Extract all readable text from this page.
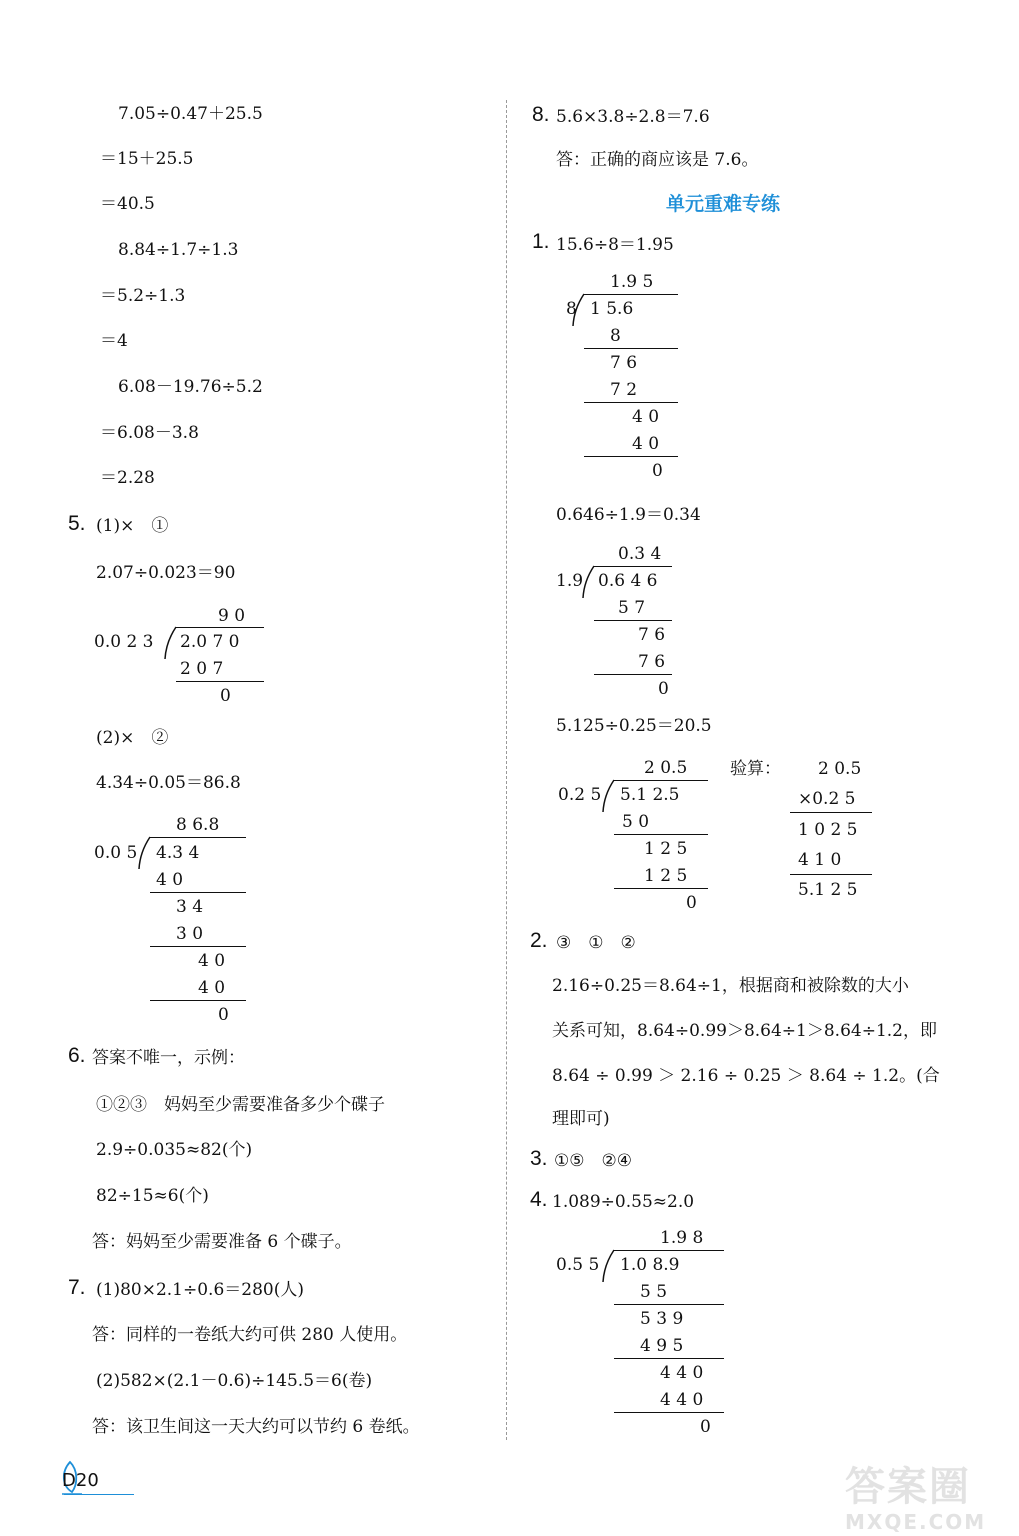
7.05÷0.47＋25.5
＝15＋25.5
＝40.5
8.84÷1.7÷1.3
＝5.2÷1.3
＝4
6.08－19.76÷5.2
＝6.08－3.8
＝2.28
5. (1)×　①
2.07÷0.023＝90
9 0
0.0 2 3 2.0 7 0
2 0 7
0
(2)×　②
4.34÷0.05＝86.8
8 6.8
0.0 5 4.3 4
4 0
3 4
3 0
4 0
4 0
0
6. 答案不唯一，示例：
①②③　妈妈至少需要准备多少个碟子
2.9÷0.035≈82(个)
82÷15≈6(个)
答：妈妈至少需要准备 6 个碟子。
7. (1)80×2.1÷0.6＝280(人)
答：同样的一卷纸大约可供 280 人使用。
(2)582×(2.1－0.6)÷145.5＝6(卷)
答：该卫生间这一天大约可以节约 6 卷纸。
8. 5.6×3.8÷2.8＝7.6
答：正确的商应该是 7.6。
单元重难专练
1. 15.6÷8＝1.95
1.9 5
8 1 5.6
8
7 6
7 2
4 0
4 0
0
0.646÷1.9＝0.34
0.3 4
1.9 0.6 4 6
5 7
7 6
7 6
0
5.125÷0.25＝20.5
2 0.5
0.2 5 5.1 2.5
5 0
1 2 5
1 2 5
0
验算： 2 0.5
×0.2 5
1 0 2 5
4 1 0
5.1 2 5
2. ③　①　②
2.16÷0.25＝8.64÷1，根据商和被除数的大小
关系可知，8.64÷0.99＞8.64÷1＞8.64÷1.2，即
8.64 ÷ 0.99 ＞ 2.16 ÷ 0.25 ＞ 8.64 ÷ 1.2。(合
理即可)
3. ①⑤　②④
4. 1.089÷0.55≈2.0
1.9 8
0.5 5 1.0 8.9
5 5
5 3 9
4 9 5
4 4 0
4 4 0
0
D20	答案圈
MXQE.COM
